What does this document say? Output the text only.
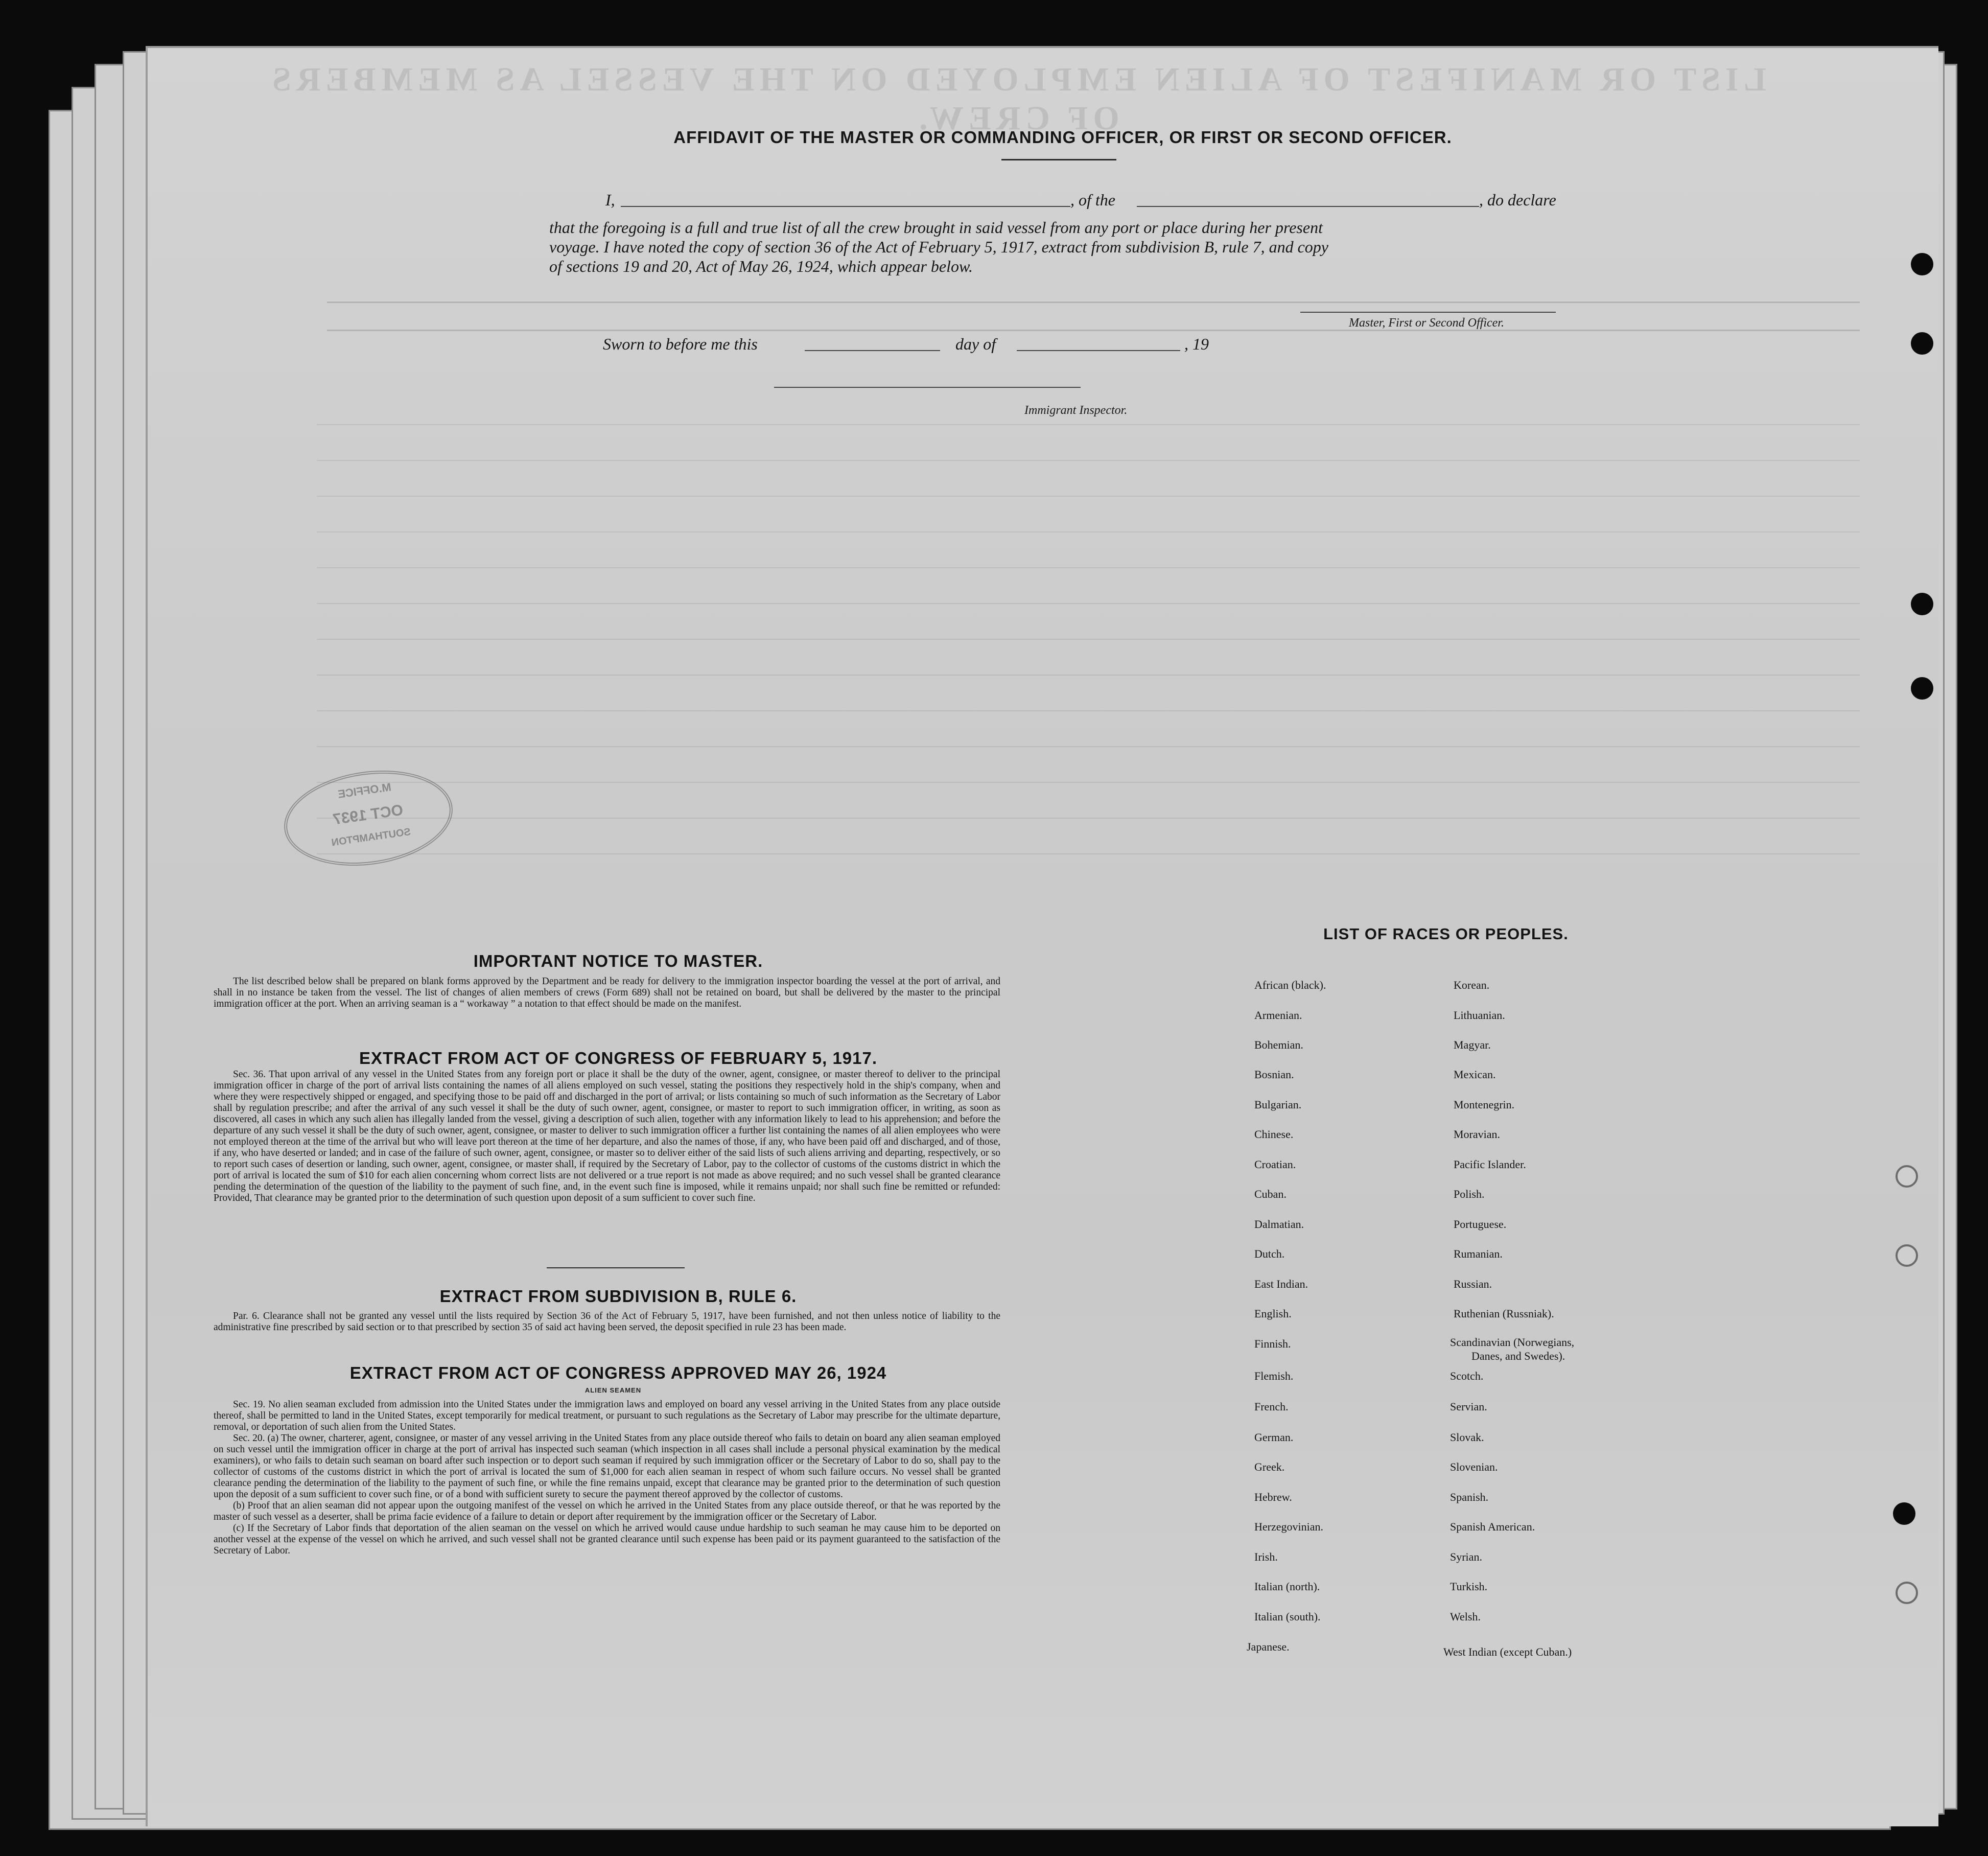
LIST OR MANIFEST OF ALIEN EMPLOYED ON THE VESSEL AS MEMBERS OF CREW.
AFFIDAVIT OF THE MASTER OR COMMANDING OFFICER, OR FIRST OR SECOND OFFICER.
I,	, of the	, do declare
that the foregoing is a full and true list of all the crew brought in said vessel from any port or place during her present
voyage. I have noted the copy of section 36 of the Act of February 5, 1917, extract from subdivision B, rule 7, and copy
of sections 19 and 20, Act of May 26, 1924, which appear below.
Master, First or Second Officer.
Sworn to before me this	day of	, 19
Immigrant Inspector.
M.OFFICE
OCT 1937
SOUTHAMPTON
IMPORTANT NOTICE TO MASTER.

The list described below shall be prepared on blank forms approved by the Department and be ready for delivery to the immigration inspector boarding the vessel at the port of arrival, and shall in no instance be taken from the vessel. The list of changes of alien members of crews (Form 689) shall not be retained on board, but shall be delivered by the master to the principal immigration officer at the port. When an arriving seaman is a “ workaway ” a notation to that effect should be made on the manifest.

EXTRACT FROM ACT OF CONGRESS OF FEBRUARY 5, 1917.

Sec. 36. That upon arrival of any vessel in the United States from any foreign port or place it shall be the duty of the owner, agent, consignee, or master thereof to deliver to the principal immigration officer in charge of the port of arrival lists containing the names of all aliens employed on such vessel, stating the positions they respectively hold in the ship's company, when and where they were respectively shipped or engaged, and specifying those to be paid off and discharged in the port of arrival; or lists containing so much of such information as the Secretary of Labor shall by regulation prescribe; and after the arrival of any such vessel it shall be the duty of such owner, agent, consignee, or master to report to such immigration officer, in writing, as soon as discovered, all cases in which any such alien has illegally landed from the vessel, giving a description of such alien, together with any information likely to lead to his apprehension; and before the departure of any such vessel it shall be the duty of such owner, agent, consignee, or master to deliver to such immigration officer a further list containing the names of all alien employees who were not employed thereon at the time of the arrival but who will leave port thereon at the time of her departure, and also the names of those, if any, who have been paid off and discharged, and of those, if any, who have deserted or landed; and in case of the failure of such owner, agent, consignee, or master so to deliver either of the said lists of such aliens arriving and departing, respectively, or so to report such cases of desertion or landing, such owner, agent, consignee, or master shall, if required by the Secretary of Labor, pay to the collector of customs of the customs district in which the port of arrival is located the sum of $10 for each alien concerning whom correct lists are not delivered or a true report is not made as above required; and no such vessel shall be granted clearance pending the determination of the question of the liability to the payment of such fine, and, in the event such fine is imposed, while it remains unpaid; nor shall such fine be remitted or refunded: Provided, That clearance may be granted prior to the determination of such question upon deposit of a sum sufficient to cover such fine.

EXTRACT FROM SUBDIVISION B, RULE 6.

Par. 6. Clearance shall not be granted any vessel until the lists required by Section 36 of the Act of February 5, 1917, have been furnished, and not then unless notice of liability to the administrative fine prescribed by said section or to that prescribed by section 35 of said act having been served, the deposit specified in rule 23 has been made.

EXTRACT FROM ACT OF CONGRESS APPROVED MAY 26, 1924
ALIEN SEAMEN

Sec. 19. No alien seaman excluded from admission into the United States under the immigration laws and employed on board any vessel arriving in the United States from any place outside thereof, shall be permitted to land in the United States, except temporarily for medical treatment, or pursuant to such regulations as the Secretary of Labor may prescribe for the ultimate departure, removal, or deportation of such alien from the United States.

Sec. 20. (a) The owner, charterer, agent, consignee, or master of any vessel arriving in the United States from any place outside thereof who fails to detain on board any alien seaman employed on such vessel until the immigration officer in charge at the port of arrival has inspected such seaman (which inspection in all cases shall include a personal physical examination by the medical examiners), or who fails to detain such seaman on board after such inspection or to deport such seaman if required by such immigration officer or the Secretary of Labor to do so, shall pay to the collector of customs of the customs district in which the port of arrival is located the sum of $1,000 for each alien seaman in respect of whom such failure occurs. No vessel shall be granted clearance pending the determination of the liability to the payment of such fine, or while the fine remains unpaid, except that clearance may be granted prior to the determination of such question upon the deposit of a sum sufficient to cover such fine, or of a bond with sufficient surety to secure the payment thereof approved by the collector of customs.

(b) Proof that an alien seaman did not appear upon the outgoing manifest of the vessel on which he arrived in the United States from any place outside thereof, or that he was reported by the master of such vessel as a deserter, shall be prima facie evidence of a failure to detain or deport after requirement by the immigration officer or the Secretary of Labor.

(c) If the Secretary of Labor finds that deportation of the alien seaman on the vessel on which he arrived would cause undue hardship to such seaman he may cause him to be deported on another vessel at the expense of the vessel on which he arrived, and such vessel shall not be granted clearance until such expense has been paid or its payment guaranteed to the satisfaction of the Secretary of Labor.

LIST OF RACES OR PEOPLES.
African (black).
Armenian.
Bohemian.
Bosnian.
Bulgarian.
Chinese.
Croatian.
Cuban.
Dalmatian.
Dutch.
East Indian.
English.
Finnish.
Flemish.
French.
German.
Greek.
Hebrew.
Herzegovinian.
Irish.
Italian (north).
Italian (south).
Japanese.
Korean.
Lithuanian.
Magyar.
Mexican.
Montenegrin.
Moravian.
Pacific Islander.
Polish.
Portuguese.
Rumanian.
Russian.
Ruthenian (Russniak).
Scandinavian (Norwegians,
Danes, and Swedes).
Scotch.
Servian.
Slovak.
Slovenian.
Spanish.
Spanish American.
Syrian.
Turkish.
Welsh.
West Indian (except Cuban.)
